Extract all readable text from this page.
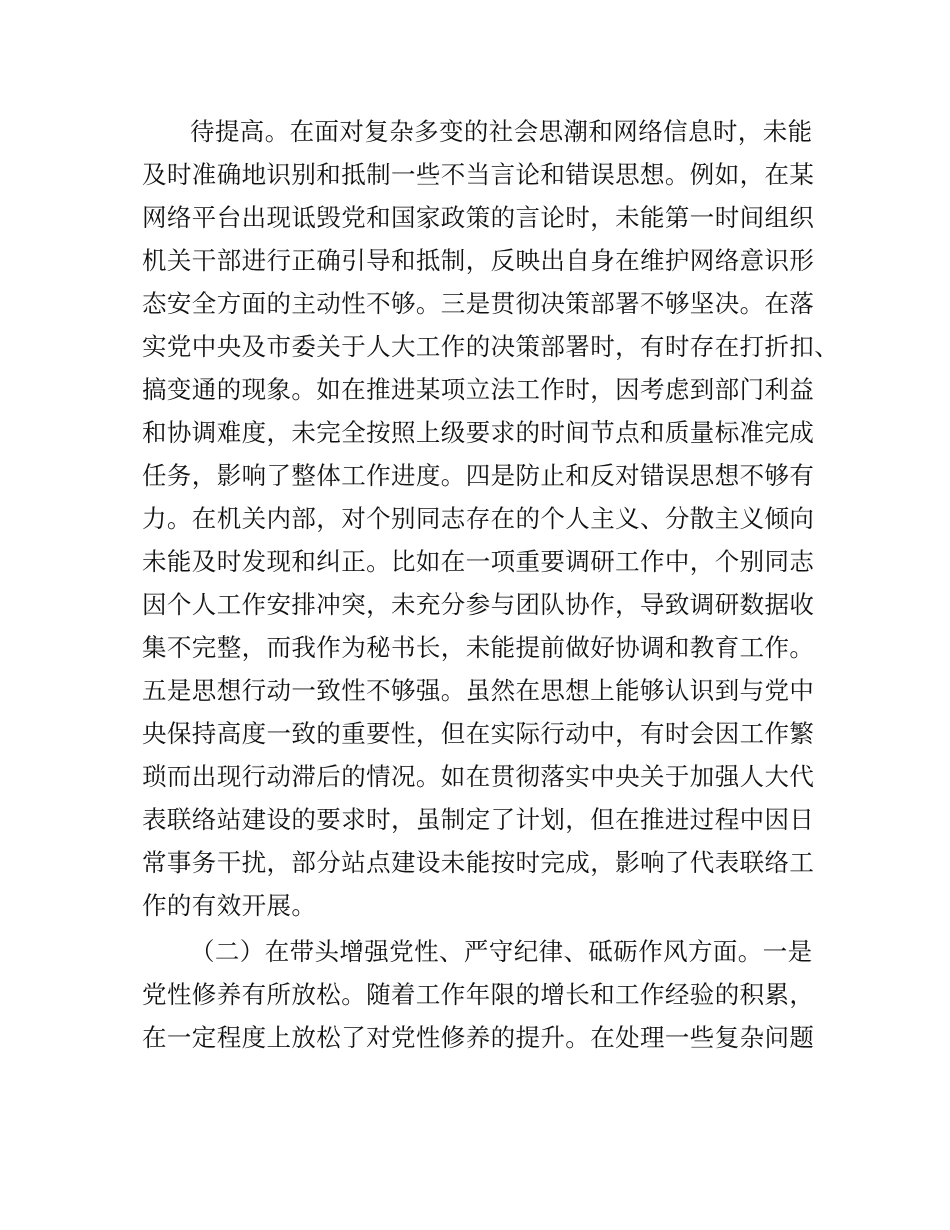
待提高。在面对复杂多变的社会思潮和网络信息时，未能
及时准确地识别和抵制一些不当言论和错误思想。例如，在某
网络平台出现诋毁党和国家政策的言论时，未能第一时间组织
机关干部进行正确引导和抵制，反映出自身在维护网络意识形
态安全方面的主动性不够。三是贯彻决策部署不够坚决。在落
实党中央及市委关于人大工作的决策部署时，有时存在打折扣、
搞变通的现象。如在推进某项立法工作时，因考虑到部门利益
和协调难度，未完全按照上级要求的时间节点和质量标准完成
任务，影响了整体工作进度。四是防止和反对错误思想不够有
力。在机关内部，对个别同志存在的个人主义、分散主义倾向
未能及时发现和纠正。比如在一项重要调研工作中，个别同志
因个人工作安排冲突，未充分参与团队协作，导致调研数据收
集不完整，而我作为秘书长，未能提前做好协调和教育工作。
五是思想行动一致性不够强。虽然在思想上能够认识到与党中
央保持高度一致的重要性，但在实际行动中，有时会因工作繁
琐而出现行动滞后的情况。如在贯彻落实中央关于加强人大代
表联络站建设的要求时，虽制定了计划，但在推进过程中因日
常事务干扰，部分站点建设未能按时完成，影响了代表联络工
作的有效开展。
（二）在带头增强党性、严守纪律、砥砺作风方面。一是
党性修养有所放松。随着工作年限的增长和工作经验的积累，
在一定程度上放松了对党性修养的提升。在处理一些复杂问题
